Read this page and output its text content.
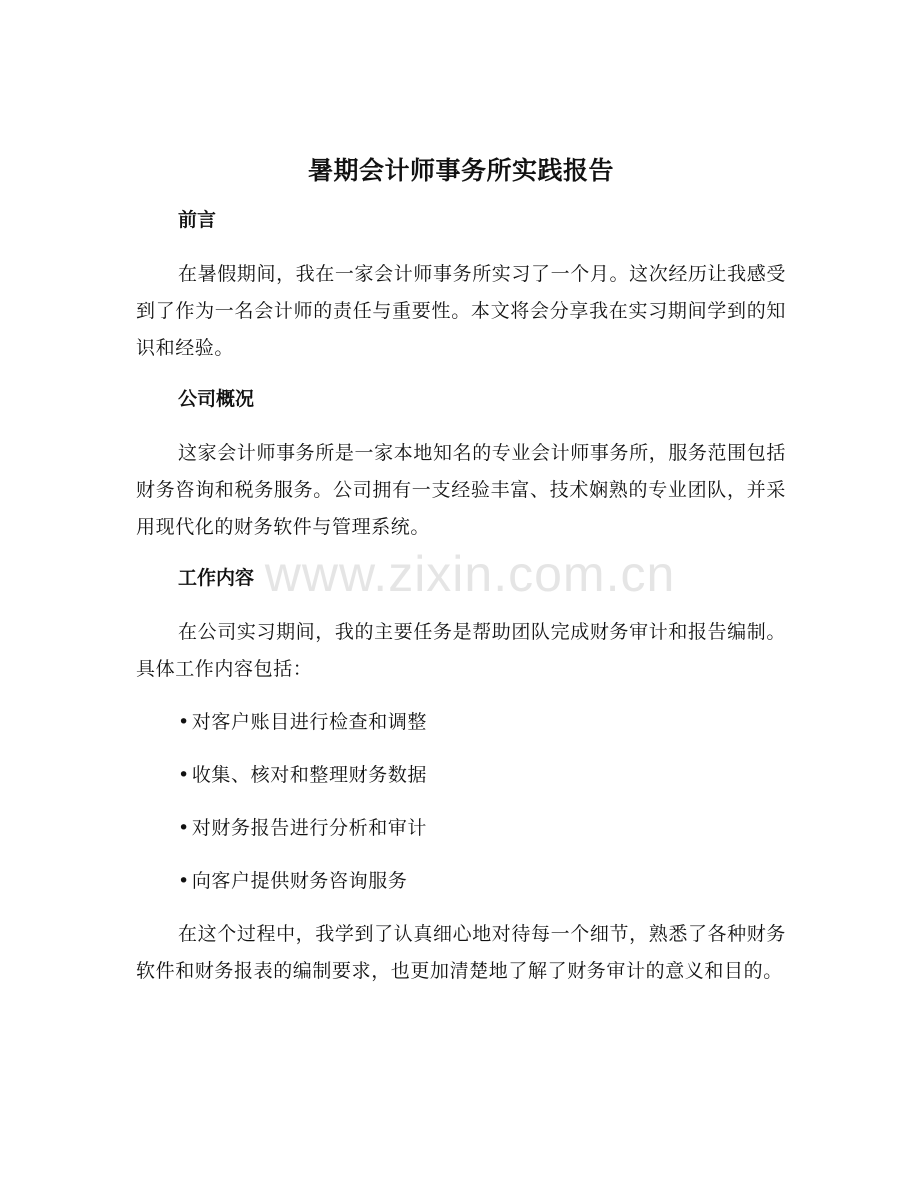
暑期会计师事务所实践报告
前言

在暑假期间，我在一家会计师事务所实习了一个月。这次经历让我感受到了作为一名会计师的责任与重要性。本文将会分享我在实习期间学到的知识和经验。

公司概况

这家会计师事务所是一家本地知名的专业会计师事务所，服务范围包括财务咨询和税务服务。公司拥有一支经验丰富、技术娴熟的专业团队，并采用现代化的财务软件与管理系统。

工作内容

在公司实习期间，我的主要任务是帮助团队完成财务审计和报告编制。具体工作内容包括：

• 对客户账目进行检查和调整
• 收集、核对和整理财务数据
• 对财务报告进行分析和审计
• 向客户提供财务咨询服务

在这个过程中，我学到了认真细心地对待每一个细节，熟悉了各种财务软件和财务报表的编制要求，也更加清楚地了解了财务审计的意义和目的。

www.zixin.com.cn
